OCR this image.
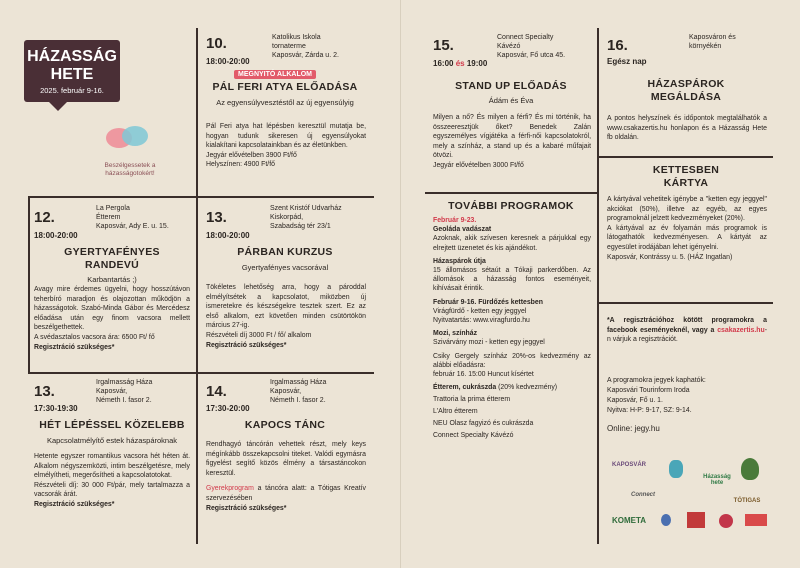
HÁZASSÁG
HETE
2025. február 9-16.
Beszélgessetek a
házasságotokért!
10.	Katolikus Iskola
tornaterme
Kaposvár, Zárda u. 2.
18:00-20:00
MEGNYITÓ ALKALOM
PÁL FERI ATYA ELŐADÁSA
Az egyensúlyvesztéstől az új egyensúlyig
Pál Feri atya hat lépésben keresztül mutatja be, hogyan tudunk sikeresen új egyensúlyokat kialakítani kapcsolatainkban és az életünkben.
Jegyár elővételben 3900 Ft/fő
Helyszínen: 4900 Ft/fő
12.
La Pergola
Étterem
Kaposvár, Ady E. u. 15.
18:00-20:00
GYERTYAFÉNYES
RANDEVÚ
Karbantartás ;)
Avagy mire érdemes ügyelni, hogy hosszútávon teherbíró maradjon és olajozottan működjön a házasságotok. Szabó-Minda Gábor és Mercédesz előadása után egy finom vacsora mellett beszélgethettek.
A svédasztalos vacsora ára: 6500 Ft/ fő
Regisztráció szükséges*
13.
Szent Kristóf Udvarház
Kiskorpád,
Szabadság tér 23/1
18:00-20:00
PÁRBAN KURZUS
Gyertyafényes vacsorával
Tökéletes lehetőség arra, hogy a pároddal elmélyítsétek a kapcsolatot, miközben új ismeretekre és készségekre tesztek szert. Ez az első alkalom, ezt követően minden csütörtökön március 27-ig.
Részvételi díj 3000 Ft / fő/ alkalom
Regisztráció szükséges*
13.
Irgalmasság Háza
Kaposvár,
Németh I. fasor 2.
17:30-19:30
HÉT LÉPÉSSEL KÖZELEBB
Kapcsolatmélyítő estek házaspároknak
Hetente egyszer romantikus vacsora hét héten át. Alkalom négyszemközti, intim beszélgetésre, mely elmélyítheti, megerősítheti a kapcsolatotokat.
Részvételi díj: 30 000 Ft/pár, mely tartalmazza a vacsorák árát.
Regisztráció szükséges*
14.
Irgalmasság Háza
Kaposvár,
Németh I. fasor 2.
17:30-20:00
KAPOCS TÁNC
Rendhagyó táncórán vehettek részt, mely keys mégínkább összekapcsolni titeket. Valódi egymásra figyelést segítő közös élmény a társastáncokon keresztül.
Gyerekprogram a táncóra alatt: a Tótigas Kreatív szervezésében
Regisztráció szükséges*
15.	Connect Specialty
Kávézó
Kaposvár, Fő utca 45.
16:00 és 19:00
STAND UP ELŐADÁS
Ádám és Éva
Milyen a nő? És milyen a férfi? És mi történik, ha összeeresztjük őket? Benedek Zalán egyszemélyes vígjátéka a férfi-női kapcsolatokról, mely a színház, a stand up és a kabaré műfajait ötvözi.
Jegyár elővételben 3000 Ft/fő
TOVÁBBI PROGRAMOK
Február 9-23.
Geoláda vadászat
Azoknak, akik szívesen keresnek a párjukkal egy elrejtett üzenetet és kis ajándékot.
Házaspárok útja
15 állomásos sétaút a Tókaji parkerdőben. Az állomások a házasság fontos eseményeit, kihívásait érintik.
Február 9-16. Fürdőzés kettesben
Virágfürdő - ketten egy jeggyel
Nyitvatartás: www.viragfurdo.hu
Mozi, színház
Szivárvány mozi - ketten egy jeggyel
Csiky Gergely színház 20%-os kedvezmény az alábbi előadásra:
február 16. 15:00 Huncut kísértet
Étterem, cukrászda (20% kedvezmény)
Trattoria la prima étterem
L'Altro étterem
NEU Olasz fagyizó és cukrászda
Connect Specialty Kávézó
16.	Kaposváron és
környékén
Egész nap
HÁZASPÁROK
MEGÁLDÁSA
A pontos helyszínek és időpontok megtalálhatók a www.csakazertis.hu honlapon és a Házasság Hete fb oldalán.
KETTESBEN
KÁRTYA
A kártyával vehetitek igénybe a "ketten egy jeggyel" akciókat (50%), illetve az egyéb, az egyes programoknál jelzett kedvezményeket (20%).
A kártyával az év folyamán más programok is látogathatók kedvezményesen. A kártyát az egyesület irodájában lehet igényelni.
Kaposvár, Kontrássy u. 5. (HÁZ Ingatlan)
*A regisztrációhoz kötött programokra a facebook eseményeknél, vagy a csakazertis.hu-n várjuk a regisztrációt.
A programokra jegyek kaphatók:
Kaposvári Tourinform Iroda
Kaposvár, Fő u. 1.
Nyitva: H-P: 9-17, SZ: 9-14.
Online: jegy.hu
KAPOSVÁR
Házasság hete
KOMETA
Connect
TÓTIGAS
